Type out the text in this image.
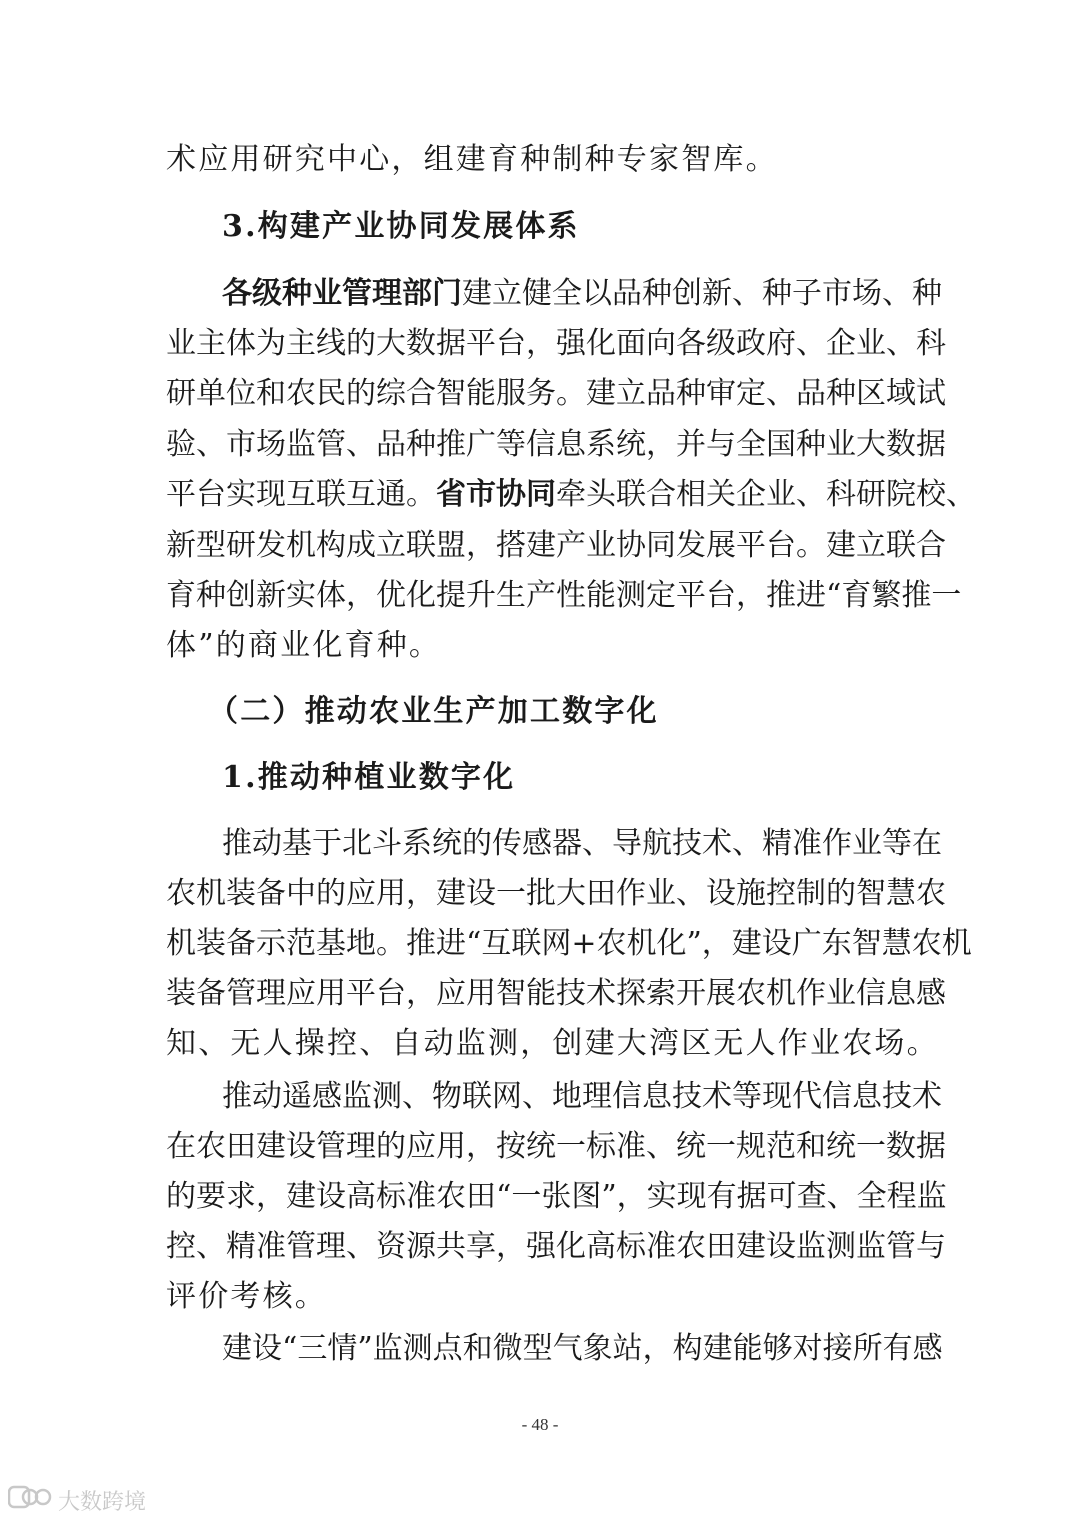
术应用研究中心，组建育种制种专家智库。
3.构建产业协同发展体系
各级种业管理部门建立健全以品种创新、种子市场、种
业主体为主线的大数据平台，强化面向各级政府、企业、科
研单位和农民的综合智能服务。建立品种审定、品种区域试
验、市场监管、品种推广等信息系统，并与全国种业大数据
平台实现互联互通。省市协同牵头联合相关企业、科研院校、
新型研发机构成立联盟，搭建产业协同发展平台。建立联合
育种创新实体，优化提升生产性能测定平台，推进“育繁推一
体”的商业化育种。
（二）推动农业生产加工数字化
1.推动种植业数字化
推动基于北斗系统的传感器、导航技术、精准作业等在
农机装备中的应用，建设一批大田作业、设施控制的智慧农
机装备示范基地。推进“互联网+农机化”，建设广东智慧农机
装备管理应用平台，应用智能技术探索开展农机作业信息感
知、无人操控、自动监测，创建大湾区无人作业农场。
推动遥感监测、物联网、地理信息技术等现代信息技术
在农田建设管理的应用，按统一标准、统一规范和统一数据
的要求，建设高标准农田“一张图”，实现有据可查、全程监
控、精准管理、资源共享，强化高标准农田建设监测监管与
评价考核。
建设“三情”监测点和微型气象站，构建能够对接所有感
- 48 -
大数跨境
